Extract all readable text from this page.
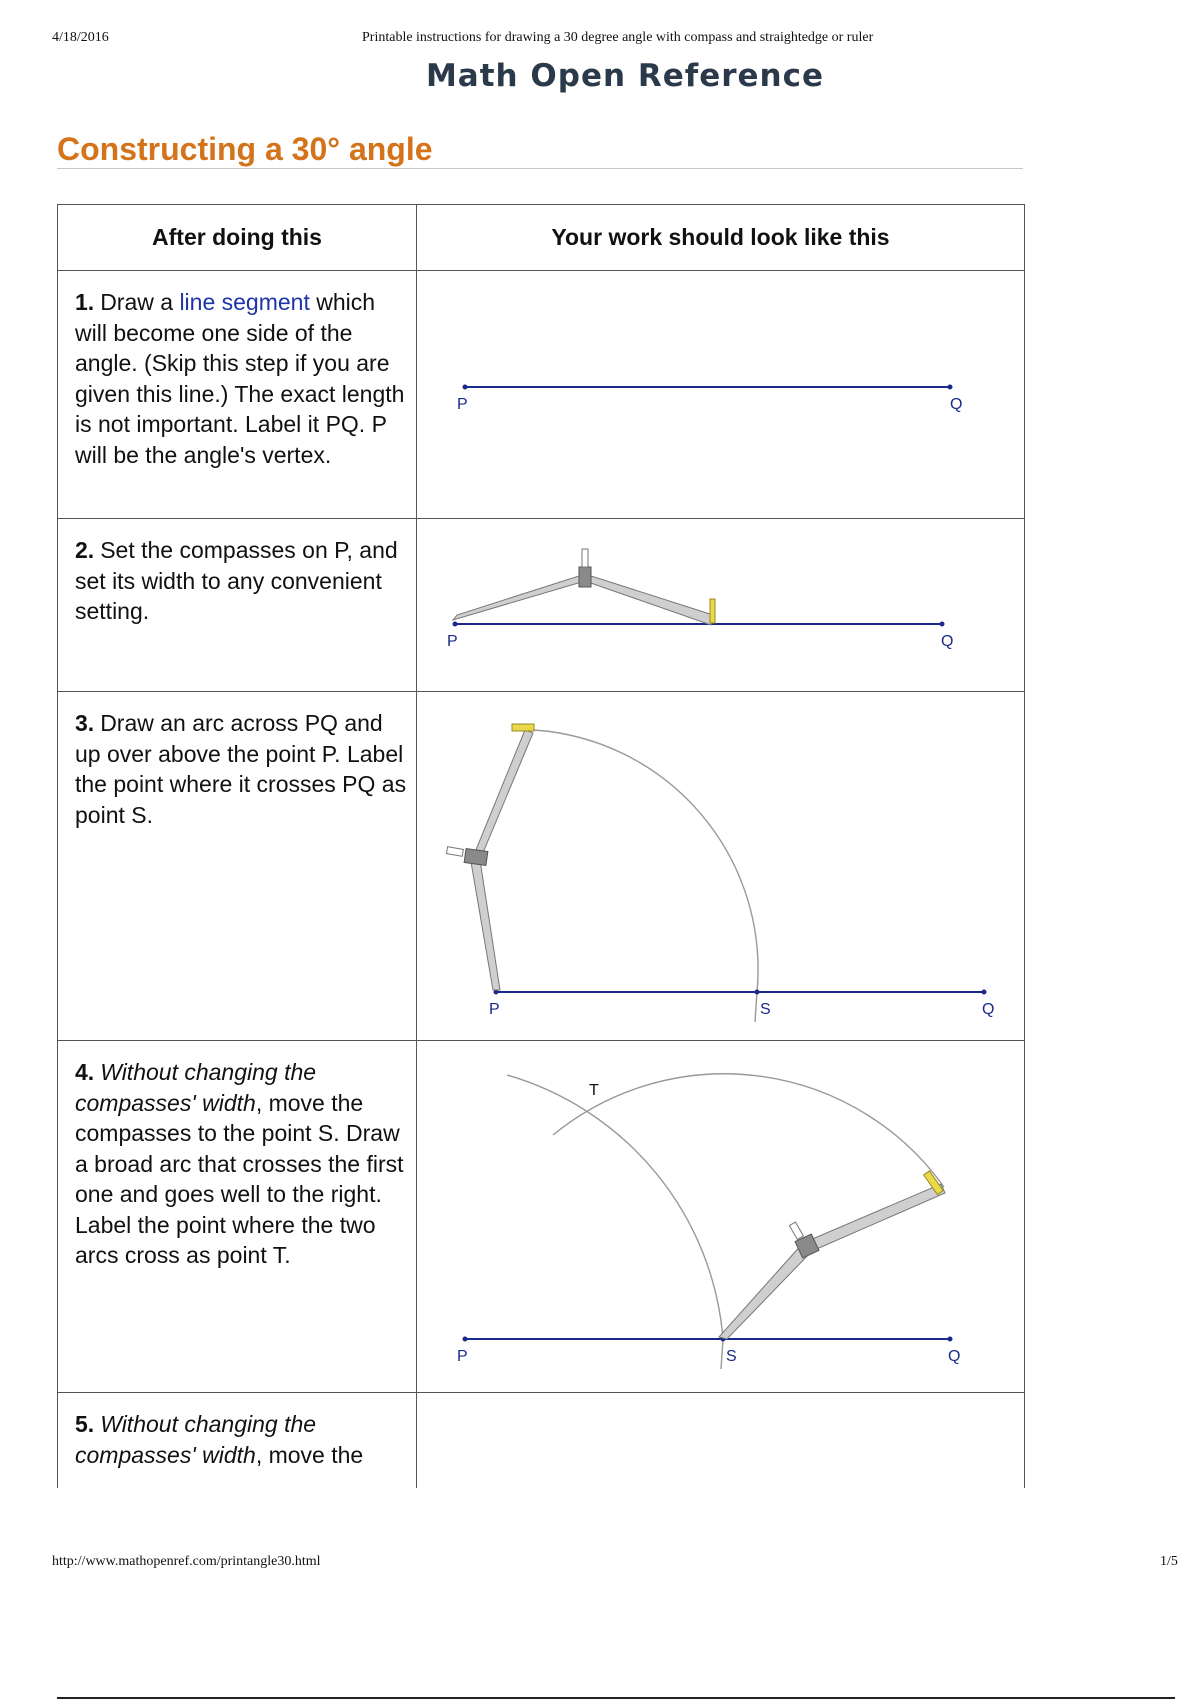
4/18/2016	Printable instructions for drawing a 30 degree angle with compass and straightedge or ruler
Math Open Reference
Constructing a 30° angle
After doing this	Your work should look like this
1. Draw a line segment which will become one side of the angle. (Skip this step if you are given this line.) The exact length is not important. Label it PQ. P will be the angle's vertex.
P	Q
2. Set the compasses on P, and set its width to any convenient setting.
P	Q
3. Draw an arc across PQ and up over above the point P. Label the point where it crosses PQ as point S.
P	S	Q
4. Without changing the compasses' width, move the compasses to the point S. Draw a broad arc that crosses the first one and goes well to the right. Label the point where the two arcs cross as point T.
T
P	S	Q
5. Without changing the compasses' width, move the
http://www.mathopenref.com/printangle30.html	1/5
